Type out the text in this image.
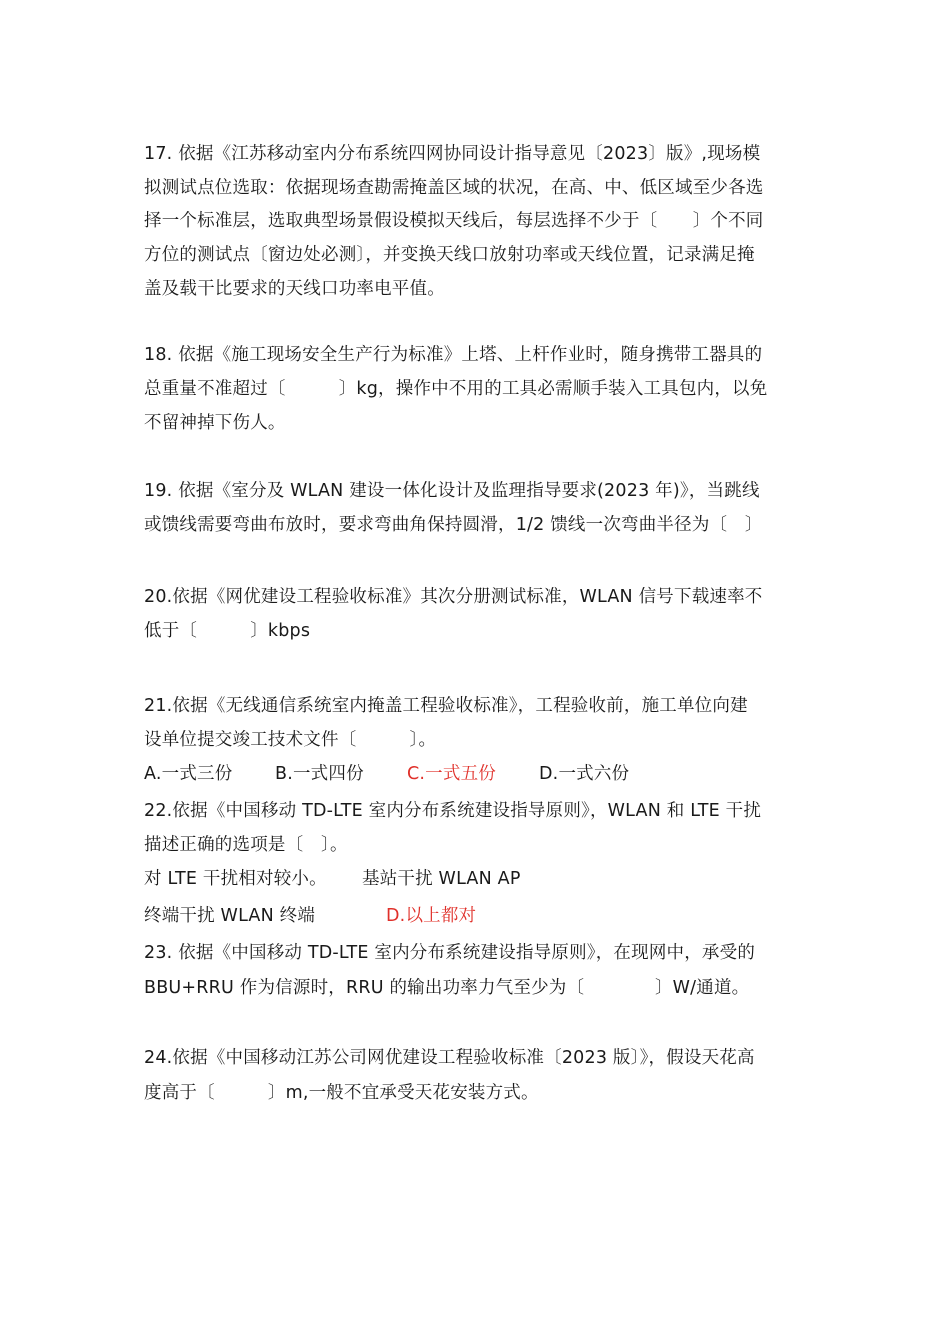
17. 依据《江苏移动室内分布系统四网协同设计指导意见〔2023〕版》,现场模
拟测试点位选取：依据现场查勘需掩盖区域的状况，在高、中、低区域至少各选
择一个标准层，选取典型场景假设模拟天线后，每层选择不少于〔　　〕个不同
方位的测试点〔窗边处必测〕，并变换天线口放射功率或天线位置，记录满足掩
盖及载干比要求的天线口功率电平值。
18. 依据《施工现场安全生产行为标准》上塔、上杆作业时，随身携带工器具的
总重量不准超过〔　　　〕kg，操作中不用的工具必需顺手装入工具包内，以免
不留神掉下伤人。
19. 依据《室分及 WLAN 建设一体化设计及监理指导要求(2023 年)》，当跳线
或馈线需要弯曲布放时，要求弯曲角保持圆滑，1/2 馈线一次弯曲半径为〔　〕
20.依据《网优建设工程验收标准》其次分册测试标准，WLAN 信号下载速率不
低于〔　　　〕kbps
21.依据《无线通信系统室内掩盖工程验收标准》，工程验收前，施工单位向建
设单位提交竣工技术文件〔　　　〕。
A.一式三份 B.一式四份 C.一式五份 D.一式六份
22.依据《中国移动 TD-LTE 室内分布系统建设指导原则》，WLAN 和 LTE 干扰
描述正确的选项是〔　〕。
对 LTE 干扰相对较小。 基站干扰 WLAN AP
终端干扰 WLAN 终端	D.以上都对
23. 依据《中国移动 TD-LTE 室内分布系统建设指导原则》，在现网中，承受的
BBU+RRU 作为信源时，RRU 的输出功率力气至少为〔　　　　〕W/通道。
24.依据《中国移动江苏公司网优建设工程验收标准〔2023 版〕》，假设天花高
度高于〔　　　〕m,一般不宜承受天花安装方式。
